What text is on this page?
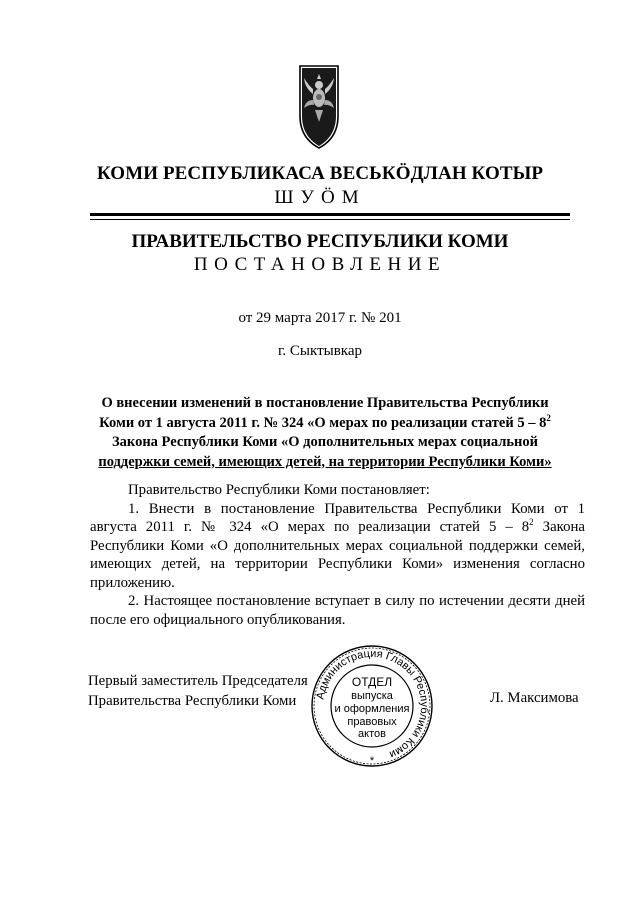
КОМИ РЕСПУБЛИКАСА ВЕСЬКӦДЛАН КОТЫР
ШУӦМ
ПРАВИТЕЛЬСТВО РЕСПУБЛИКИ КОМИ
ПОСТАНОВЛЕНИЕ
от 29 марта 2017 г. № 201
г. Сыктывкар
О внесении изменений в постановление Правительства Республики
Коми от 1 августа 2011 г. № 324 «О мерах по реализации статей $5 - 8^2$
Закона Республики Коми «О дополнительных мерах социальной
поддержки семей, имеющих детей, на территории Республики Коми»

Правительство Республики Коми постановляет:

1. Внести в постановление Правительства Республики Коми от 1 августа 2011 г. № 324 «О мерах по реализации статей $5 - 8^2$ Закона Республики Коми «О дополнительных мерах социальной поддержки семей, имеющих детей, на территории Республики Коми» изменения согласно приложению.

2. Настоящее постановление вступает в силу по истечении десяти дней после его официального опубликования.

Первый заместитель Председателя
Правительства Республики Коми	Л. Максимова
Администрация Главы Республики Коми
ОТДЕЛ
выпуска
и оформления
правовых
актов
*
